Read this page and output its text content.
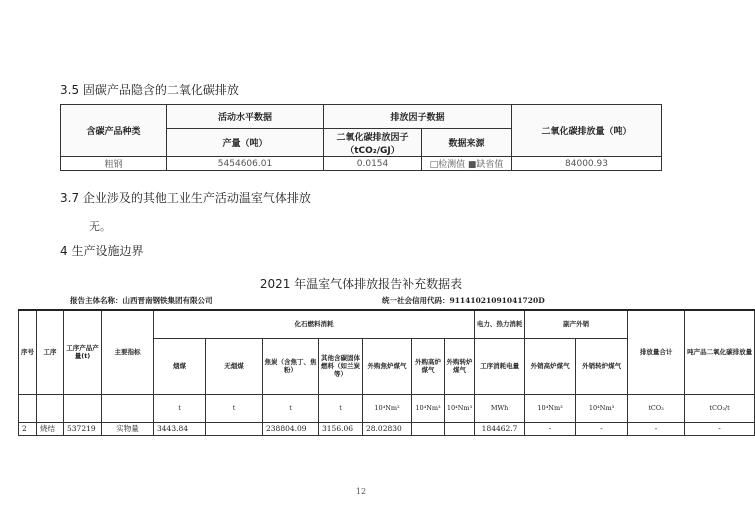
3.5 固碳产品隐含的二氧化碳排放
含碳产品种类	活动水平数据	排放因子数据		二氧化碳排放量（吨）
	产量（吨）	二氧化碳排放因子（tCO₂/GJ）	数据来源	
粗钢	5454606.01	0.0154	□检测值 ■缺省值	84000.93
3.7 企业涉及的其他工业生产活动温室气体排放
无。
4 生产设施边界
2021 年温室气体排放报告补充数据表
报告主体名称：山西晋南钢铁集团有限公司	统一社会信用代码：91141021091041720D
序号	工序	工序产品产量(t)	主要指标	化石燃料消耗							电力、热力消耗	副产外销		排放量合计	吨产品二氧化碳排放量
				烟煤	无烟煤	焦炭（含焦丁、焦粉）	其他含碳固体燃料（如兰炭等）	外购焦炉煤气	外购高炉煤气	外购转炉煤气	工序消耗电量	外销高炉煤气	外销转炉煤气		
				t	t	t	t	10⁴Nm³	10⁴Nm³	10⁴Nm³	MWh	10⁴Nm³	10⁴Nm³	tCO₂	tCO₂/t
2	烧结	537219	实物量	3443.84		238804.09	3156.06	28.02830			184462.7	-	-	-	-
12
